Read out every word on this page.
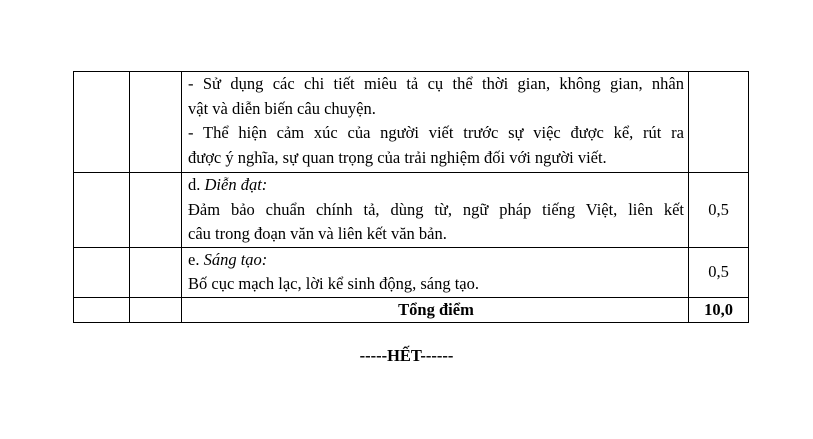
		- Sử dụng các chi tiết miêu tả cụ thể thời gian, không gian, nhân
vật và diễn biến câu chuyện.
- Thể hiện cảm xúc của người viết trước sự việc được kể, rút ra
được ý nghĩa, sự quan trọng của trải nghiệm đối với người viết.	

		d. Diễn đạt:
Đảm bảo chuẩn chính tả, dùng từ, ngữ pháp tiếng Việt, liên kết
câu trong đoạn văn và liên kết văn bản.	0,5

		e. Sáng tạo:
Bố cục mạch lạc, lời kể sinh động, sáng tạo.	0,5
		Tổng điểm	10,0
-----HẾT------
